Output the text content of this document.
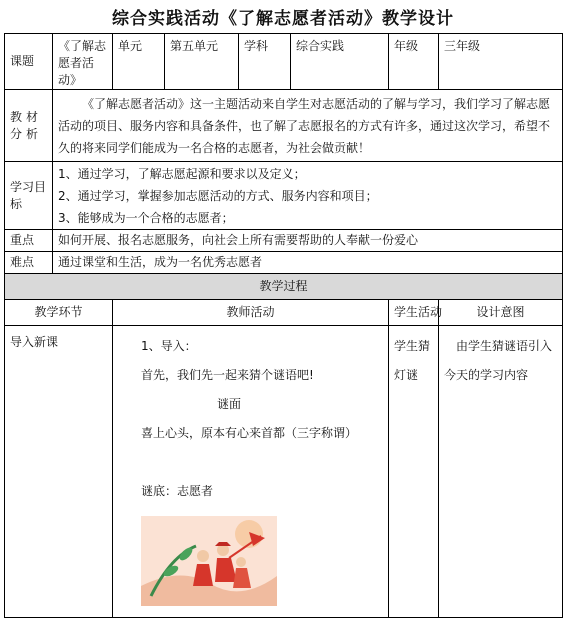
综合实践活动《了解志愿者活动》教学设计
课题	《了解志愿者活动》	单元	第五单元	学科	综合实践	年级	三年级
教材分析	《了解志愿者活动》这一主题活动来自学生对志愿活动的了解与学习，我们学习了解志愿活动的项目、服务内容和具备条件，也了解了志愿报名的方式有许多，通过这次学习，希望不久的将来同学们能成为一名合格的志愿者，为社会做贡献！						
学习目标	1、通过学习，了解志愿起源和要求以及定义；
2、通过学习，掌握参加志愿活动的方式、服务内容和项目；
3、能够成为一个合格的志愿者；						

重点	如何开展、报名志愿服务，向社会上所有需要帮助的人奉献一份爱心						
难点	通过课堂和生活，成为一名优秀志愿者						
教学过程							
教学环节		教师活动				学生活动	设计意图
导入新课		1、导入：

首先，我们先一起来猜个谜语吧!

谜面

喜上心头，原本有心来首都（三字称谓）

谜底：志愿者				学生猜灯谜	由学生猜谜语引入今天的学习内容
